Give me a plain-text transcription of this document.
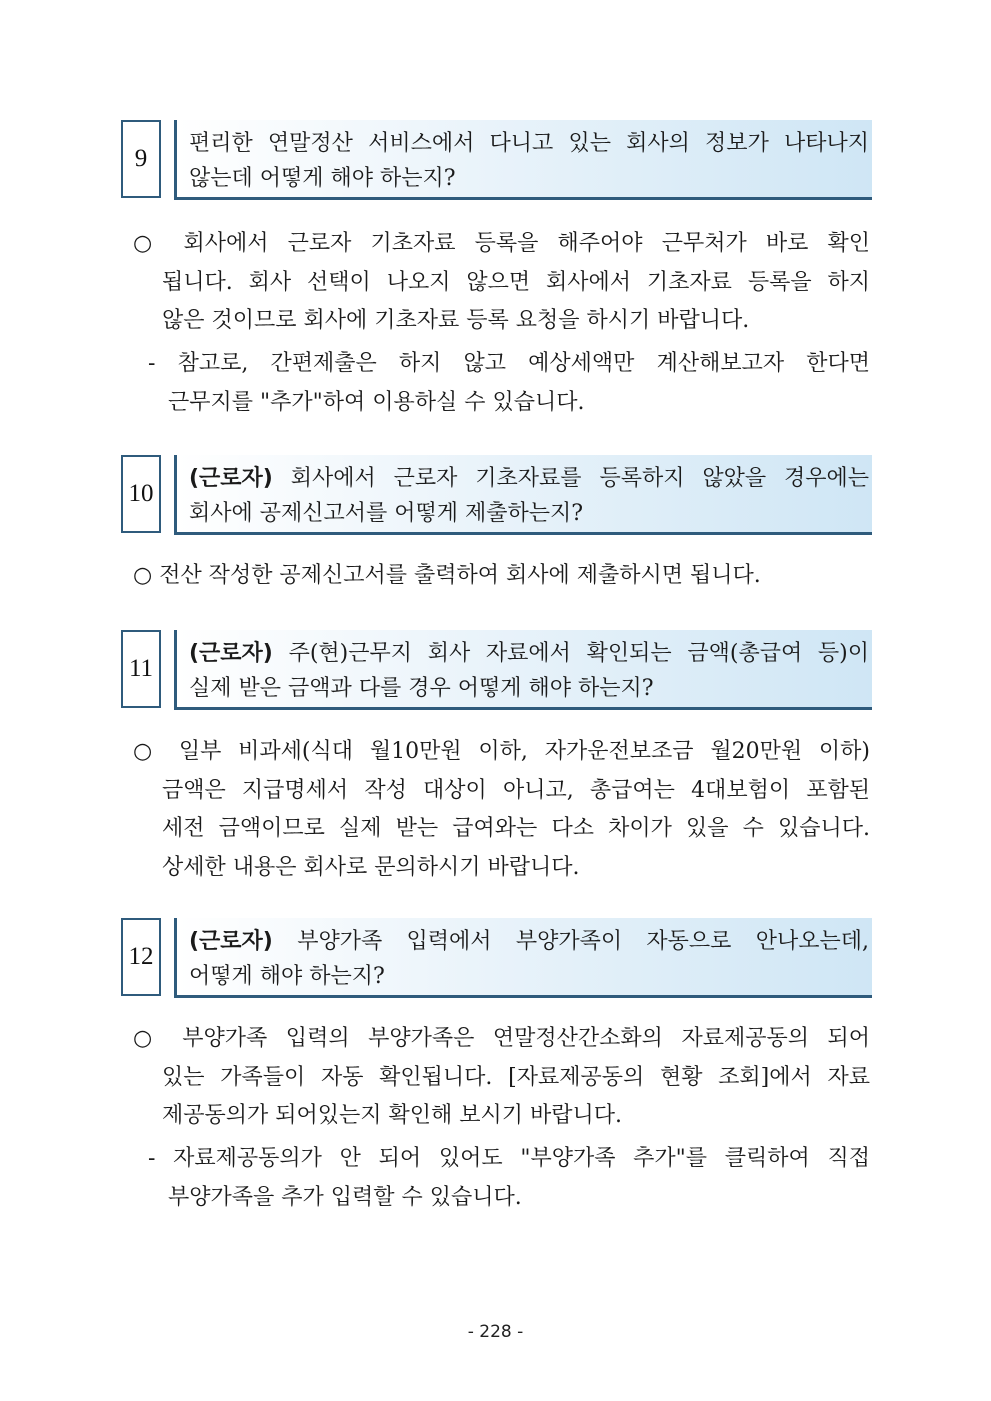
9
편리한 연말정산 서비스에서 다니고 있는 회사의 정보가 나타나지
않는데 어떻게 해야 하는지?
○ 회사에서 근로자 기초자료 등록을 해주어야 근무처가 바로 확인
됩니다. 회사 선택이 나오지 않으면 회사에서 기초자료 등록을 하지
않은 것이므로 회사에 기초자료 등록 요청을 하시기 바랍니다.
- 참고로, 간편제출은 하지 않고 예상세액만 계산해보고자 한다면
근무지를 "추가"하여 이용하실 수 있습니다.
10
(근로자) 회사에서 근로자 기초자료를 등록하지 않았을 경우에는
회사에 공제신고서를 어떻게 제출하는지?
○ 전산 작성한 공제신고서를 출력하여 회사에 제출하시면 됩니다.
11
(근로자) 주(현)근무지 회사 자료에서 확인되는 금액(총급여 등)이
실제 받은 금액과 다를 경우 어떻게 해야 하는지?
○ 일부 비과세(식대 월10만원 이하, 자가운전보조금 월20만원 이하)
금액은 지급명세서 작성 대상이 아니고, 총급여는 4대보험이 포함된
세전 금액이므로 실제 받는 급여와는 다소 차이가 있을 수 있습니다.
상세한 내용은 회사로 문의하시기 바랍니다.
12
(근로자) 부양가족 입력에서 부양가족이 자동으로 안나오는데,
어떻게 해야 하는지?
○ 부양가족 입력의 부양가족은 연말정산간소화의 자료제공동의 되어
있는 가족들이 자동 확인됩니다. [자료제공동의 현황 조회]에서 자료
제공동의가 되어있는지 확인해 보시기 바랍니다.
- 자료제공동의가 안 되어 있어도 "부양가족 추가"를 클릭하여 직접
부양가족을 추가 입력할 수 있습니다.
- 228 -
